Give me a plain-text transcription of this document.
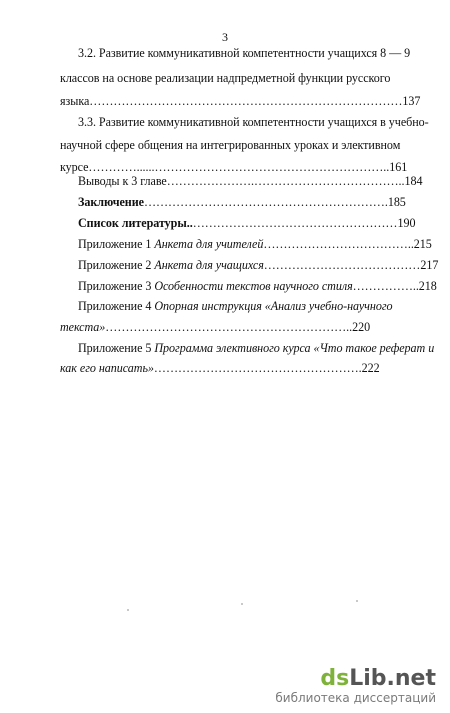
3
3.2. Развитие коммуникативной компетентности учащихся 8 — 9
классов на основе реализации надпредметной функции русского
языка……………………………………………………………………137
3.3. Развитие коммуникативной компетентности учащихся в учебно-
научной сфере общения на интегрированных уроках и элективном
курсе…………......…………………………………………………..161
Выводы к 3 главе………………….………………………………..184
Заключение…………………………………………………….185
Список литературы..……………………………………………190
Приложение 1 Анкета для учителей………………………………..215
Приложение 2 Анкета для учащихся…………………………………217
Приложение 3 Особенности текстов научного стиля……………..218
Приложение 4 Опорная инструкция «Анализ учебно-научного
текста»……………………………………………………..220
Приложение 5 Программа элективного курса «Что такое реферат и
как его написать»…………………………………………….222
dsLib.net
библиотека диссертаций
